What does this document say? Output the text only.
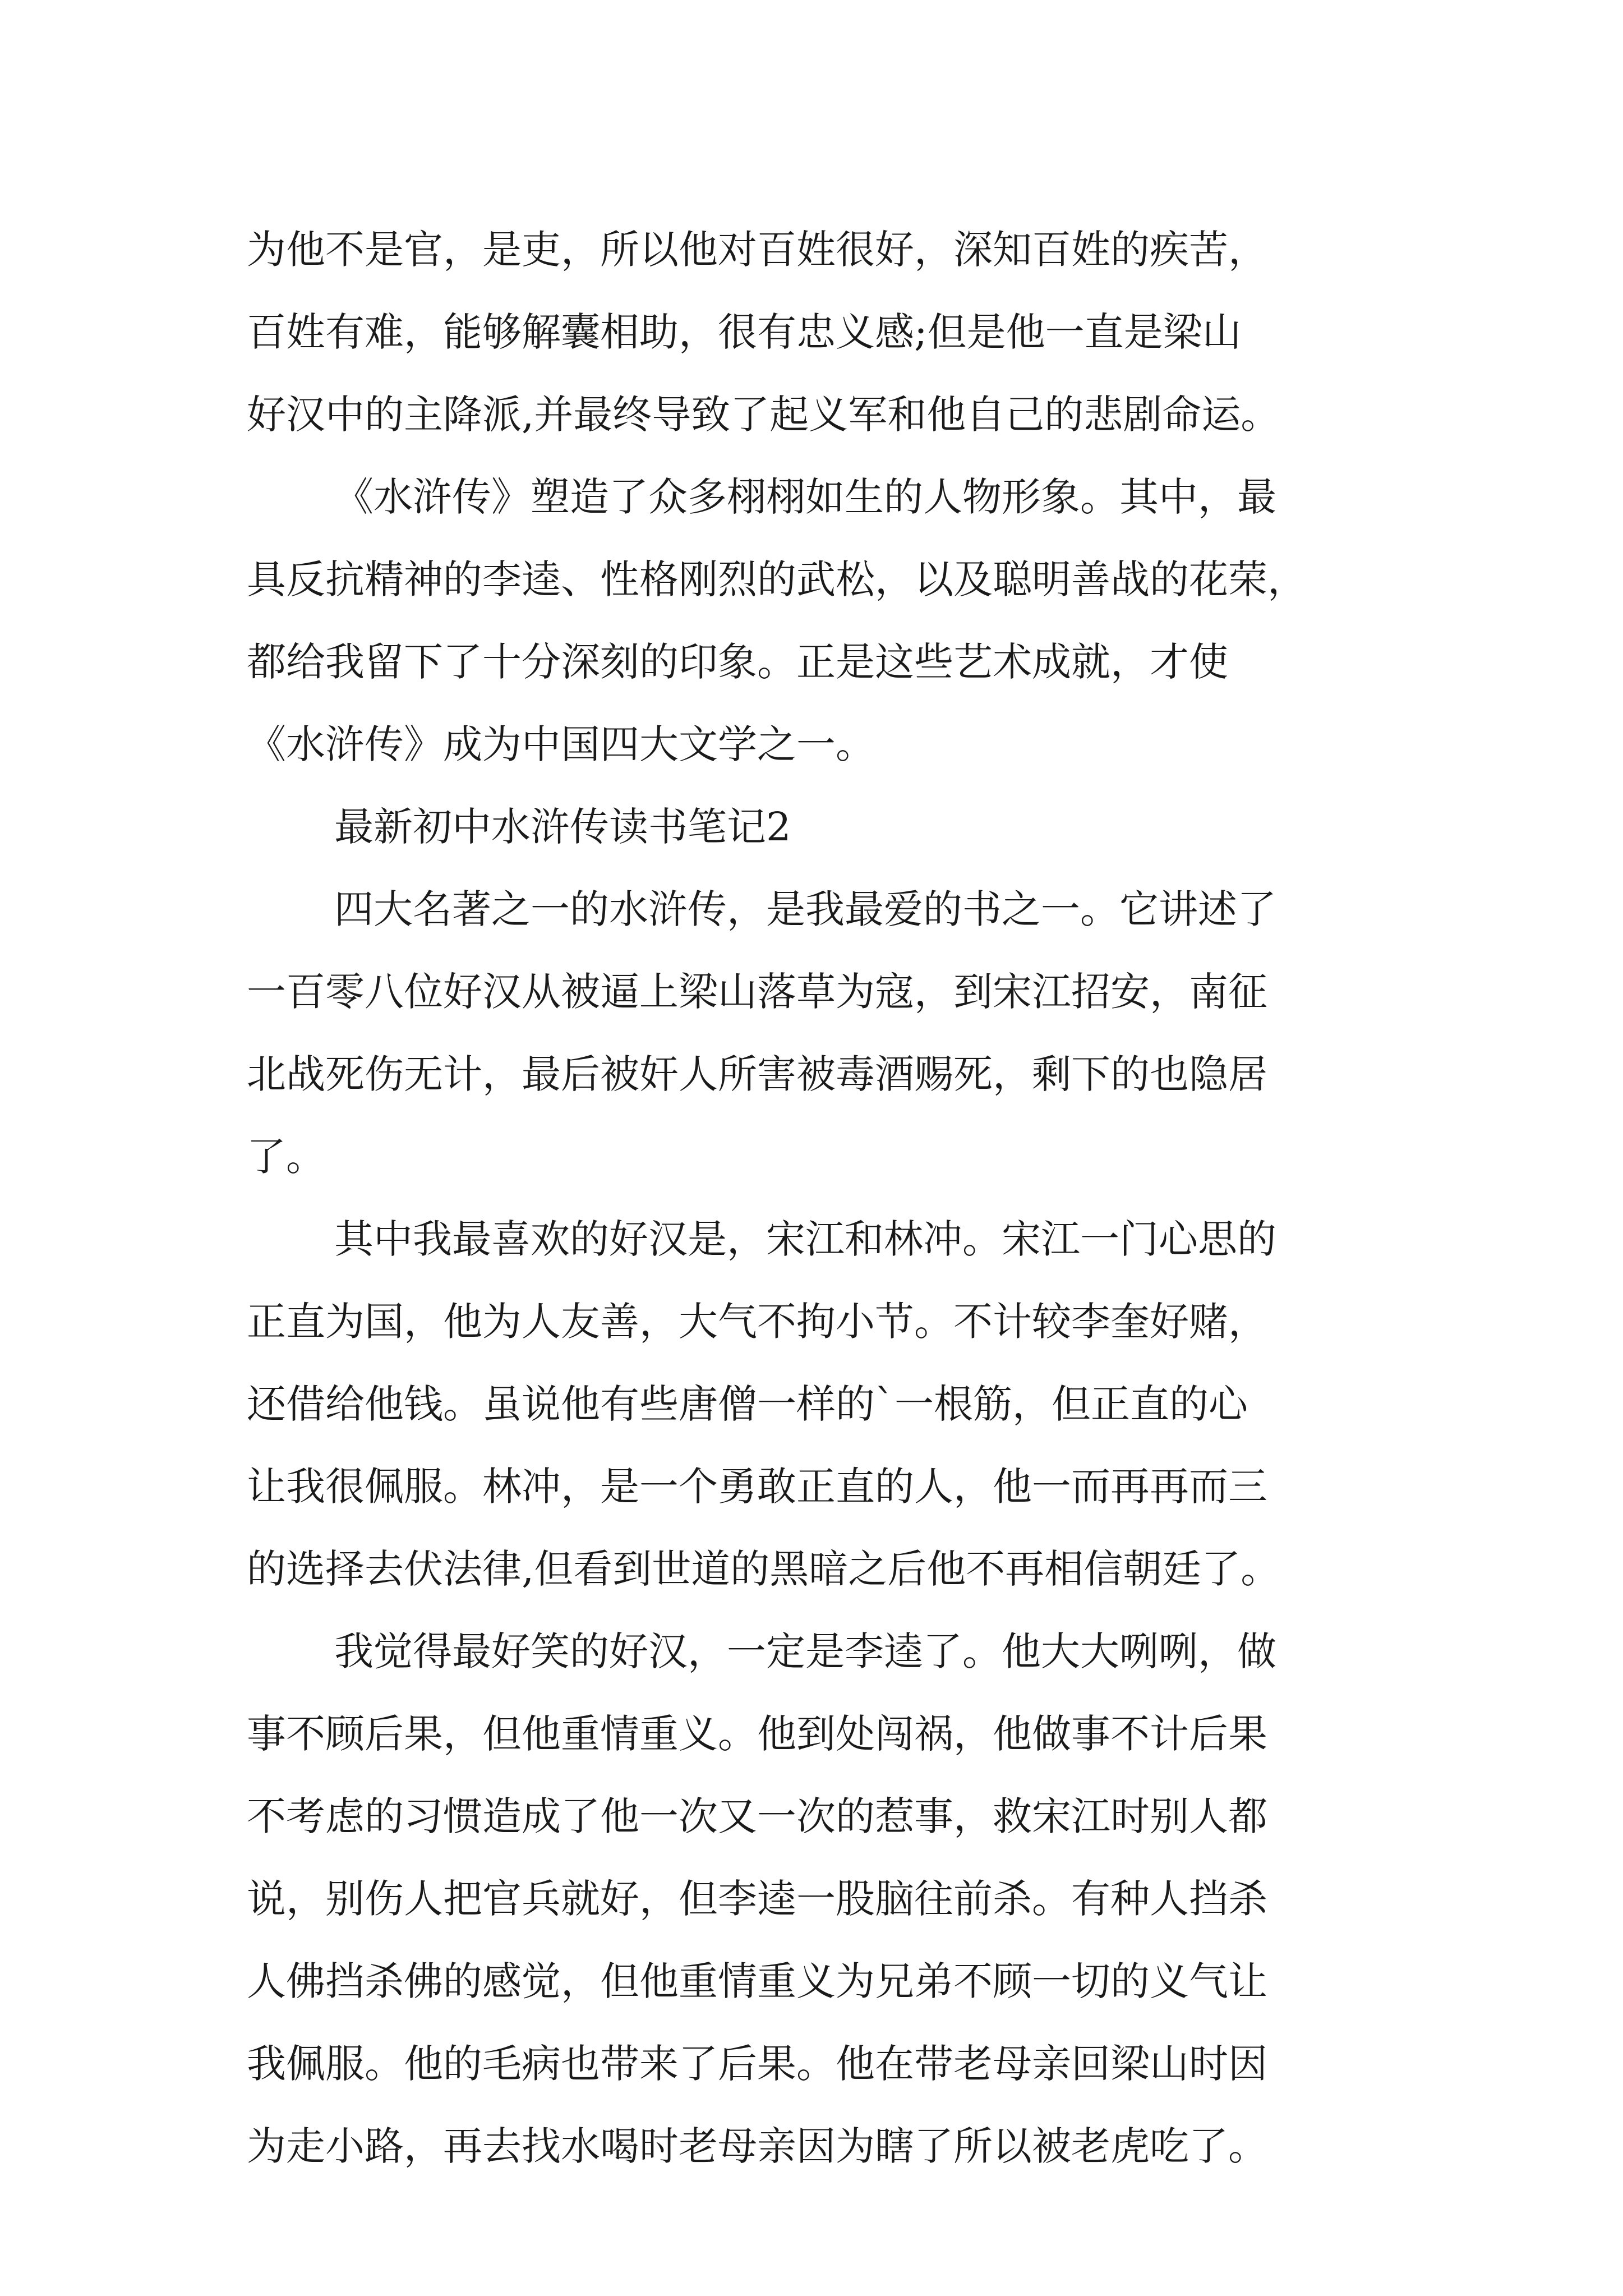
为他不是官，是吏，所以他对百姓很好，深知百姓的疾苦，
百姓有难，能够解囊相助，很有忠义感;但是他一直是梁山
好汉中的主降派,并最终导致了起义军和他自己的悲剧命运。
《水浒传》塑造了众多栩栩如生的人物形象。其中，最
具反抗精神的李逵、性格刚烈的武松，以及聪明善战的花荣，
都给我留下了十分深刻的印象。正是这些艺术成就，才使
《水浒传》成为中国四大文学之一。
最新初中水浒传读书笔记2
四大名著之一的水浒传，是我最爱的书之一。它讲述了
一百零八位好汉从被逼上梁山落草为寇，到宋江招安，南征
北战死伤无计，最后被奸人所害被毒酒赐死，剩下的也隐居
了。
其中我最喜欢的好汉是，宋江和林冲。宋江一门心思的
正直为国，他为人友善，大气不拘小节。不计较李奎好赌，
还借给他钱。虽说他有些唐僧一样的`一根筋，但正直的心
让我很佩服。林冲，是一个勇敢正直的人，他一而再再而三
的选择去伏法律,但看到世道的黑暗之后他不再相信朝廷了。
我觉得最好笑的好汉，一定是李逵了。他大大咧咧，做
事不顾后果，但他重情重义。他到处闯祸，他做事不计后果
不考虑的习惯造成了他一次又一次的惹事，救宋江时别人都
说，别伤人把官兵就好，但李逵一股脑往前杀。有种人挡杀
人佛挡杀佛的感觉，但他重情重义为兄弟不顾一切的义气让
我佩服。他的毛病也带来了后果。他在带老母亲回梁山时因
为走小路，再去找水喝时老母亲因为瞎了所以被老虎吃了。
